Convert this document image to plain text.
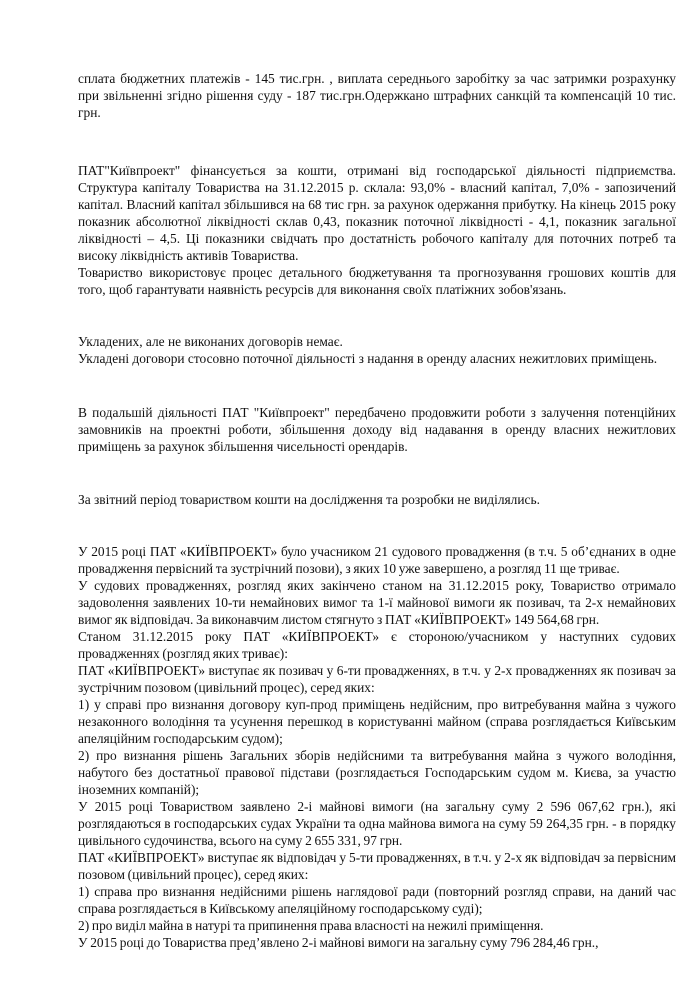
сплата бюджетних платежів - 145 тис.грн. , виплата середнього заробітку за час затримки розрахунку при звільненні згідно рішення суду - 187 тис.грн.Одержкано штрафних санкцій та компенсацій 10 тис. грн.

ПАТ"Київпроект" фінансується за кошти, отримані від господарської діяльності підприємства. Структура капіталу Товариства на 31.12.2015 р. склала: 93,0% - власний капітал, 7,0% - запозичений капітал. Власний капітал збільшився на 68 тис грн. за рахунок одержання прибутку. На кінець 2015 року показник абсолютної ліквідності склав 0,43, показник поточної ліквідності - 4,1, показник загальної ліквідності – 4,5. Ці показники свідчать про достатність робочого капіталу для поточних потреб та високу ліквідність активів Товариства.

Товариство використовує процес детального бюджетування та прогнозування грошових коштів для того, щоб гарантувати наявність ресурсів для виконання своїх платіжних зобов'язань.

Укладених, але не виконаних договорів немає.

Укладені договори стосовно поточної діяльності з надання в оренду аласних нежитлових приміщень.

В подальшій діяльності ПАТ "Київпроект" передбачено продовжити роботи з залучення потенційних замовників на проектні роботи, збільшення доходу від надавання в оренду власних нежитлових приміщень за рахунок збільшення чисельності орендарів.

За звітний період товариством кошти на дослідження та розробки не виділялись.

У 2015 році ПАТ «КИЇВПРОЕКТ» було учасником 21 судового провадження (в т.ч. 5 об’єднаних в одне провадження первісний та зустрічний позови), з яких 10 уже завершено, а розгляд 11 ще триває.

У судових провадженнях, розгляд яких закінчено станом на 31.12.2015 року, Товариство отримало задоволення заявлених 10-ти немайнових вимог та 1-ї майнової вимоги як позивач, та 2-х немайнових вимог як відповідач. За виконавчим листом стягнуто з ПАТ «КИЇВПРОЕКТ» 149 564,68 грн.

Станом 31.12.2015 року ПАТ «КИЇВПРОЕКТ» є стороною/учасником у наступних судових провадженнях (розгляд яких триває):

ПАТ «КИЇВПРОЕКТ» виступає як позивач у 6-ти провадженнях, в т.ч. у 2-х провадженнях як позивач за зустрічним позовом (цивільний процес), серед яких:

1) у справі про визнання договору куп-прод приміщень недійсним, про витребування майна з чужого незаконного володіння та усунення перешкод в користуванні майном (справа розглядається Київським апеляційним господарським судом);

2) про визнання рішень Загальних зборів недійсними та витребування майна з чужого володіння, набутого без достатньої правової підстави (розглядається Господарським судом м. Києва, за участю іноземних компаній);

У 2015 році Товариством заявлено 2-і майнові вимоги (на загальну суму 2 596 067,62 грн.), які розглядаються в господарських судах України та одна майнова вимога на суму 59 264,35 грн. - в порядку цивільного судочинства, всього на суму 2 655 331, 97 грн.

ПАТ «КИЇВПРОЕКТ» виступає як відповідач у 5-ти провадженнях, в т.ч. у 2-х як відповідач за первісним позовом (цивільний процес), серед яких:

1) справа про визнання недійсними рішень наглядової ради (повторний розгляд справи, на даний час справа розглядається в Київському апеляційному господарському суді);

2) про виділ майна в натурі та припинення права власності на нежилі приміщення.

У 2015 році до Товариства пред’явлено 2-і майнові вимоги на загальну суму 796 284,46 грн.,
